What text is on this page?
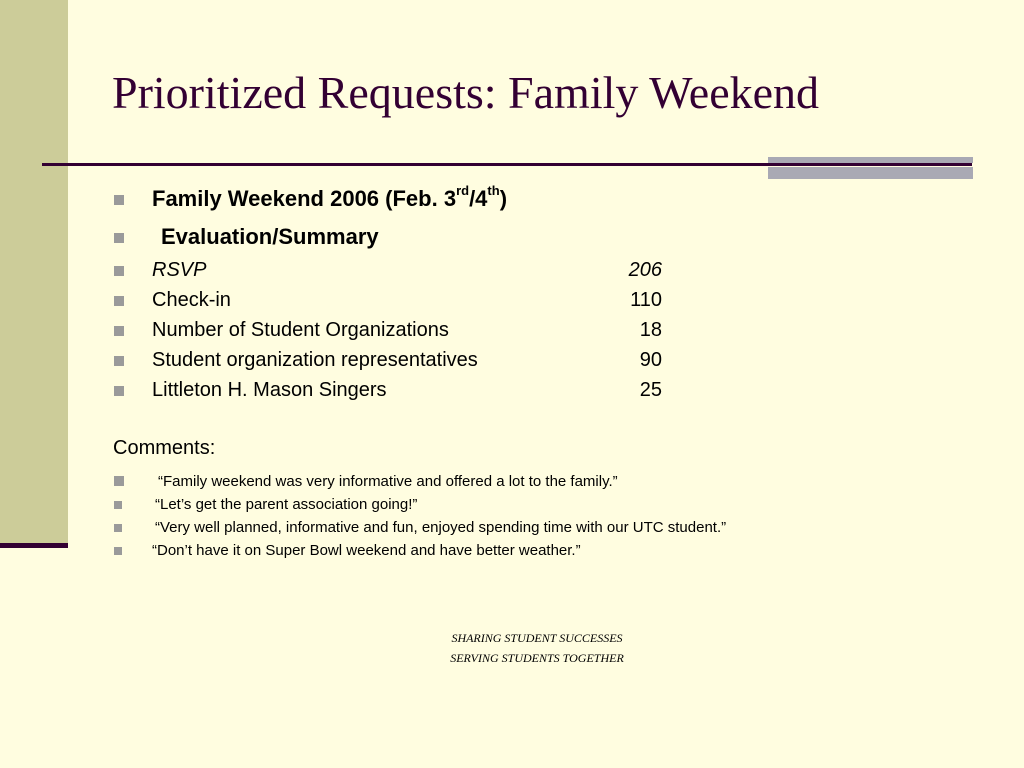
Prioritized Requests: Family Weekend
Family Weekend 2006 (Feb. 3rd/4th)
Evaluation/Summary
RSVP	206
Check-in	110
Number of Student Organizations	18
Student organization representatives	90
Littleton H. Mason Singers	25
Comments:
“Family weekend was very informative and offered a lot to the family.”
“Let’s get the parent association going!”
“Very well planned, informative and fun, enjoyed spending time with our UTC student.”
“Don’t have it on Super Bowl weekend and have better weather.”
SHARING STUDENT SUCCESSES
SERVING STUDENTS TOGETHER
